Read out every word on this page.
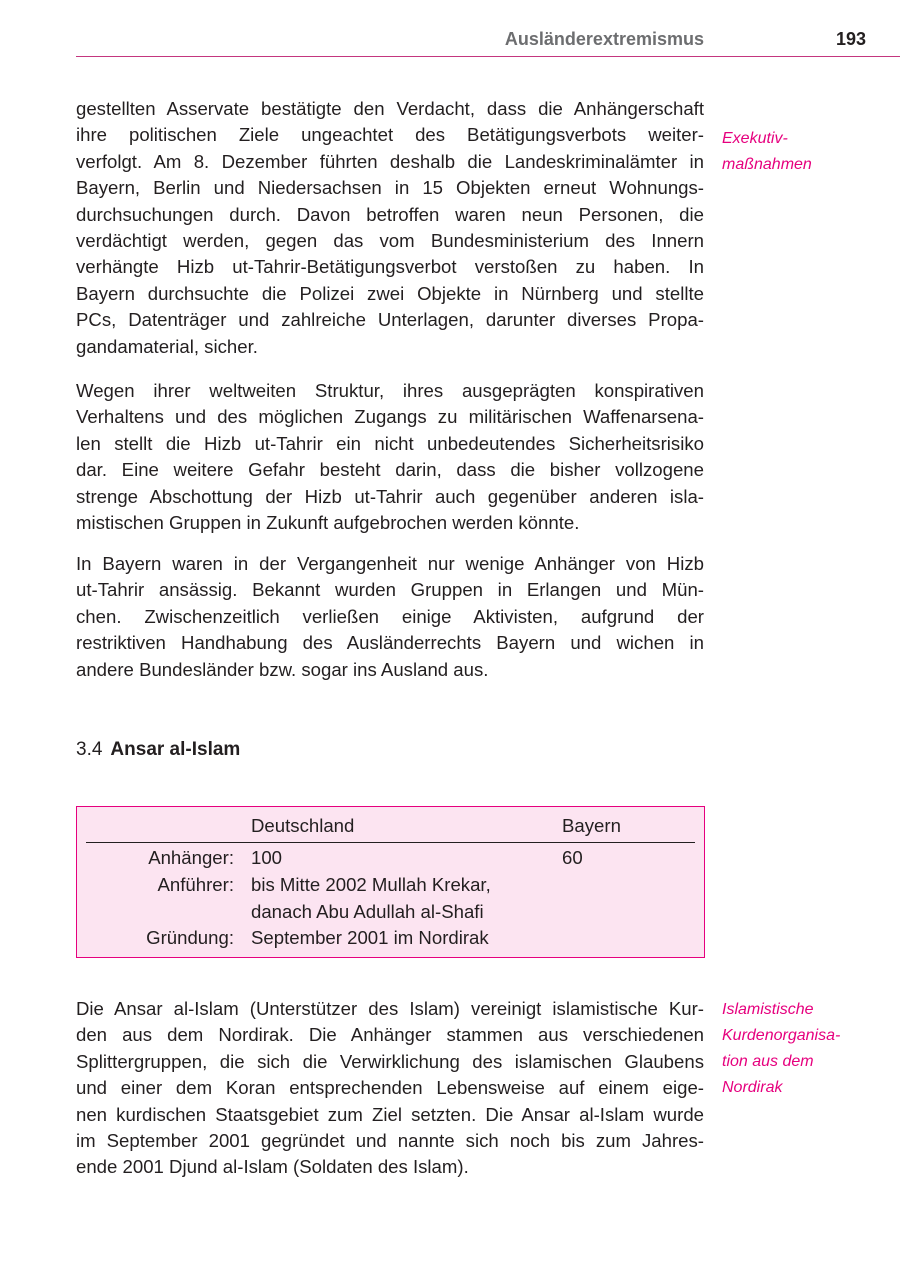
Ausländerextremismus	193
gestellten Asservate bestätigte den Verdacht, dass die Anhängerschaft
ihre politischen Ziele ungeachtet des Betätigungsverbots weiter-
verfolgt. Am 8. Dezember führten deshalb die Landeskriminalämter in
Bayern, Berlin und Niedersachsen in 15 Objekten erneut Wohnungs-
durchsuchungen durch. Davon betroffen waren neun Personen, die
verdächtigt werden, gegen das vom Bundesministerium des Innern
verhängte Hizb ut-Tahrir-Betätigungsverbot verstoßen zu haben. In
Bayern durchsuchte die Polizei zwei Objekte in Nürnberg und stellte
PCs, Datenträger und zahlreiche Unterlagen, darunter diverses Propa-
gandamaterial, sicher.
Wegen ihrer weltweiten Struktur, ihres ausgeprägten konspirativen
Verhaltens und des möglichen Zugangs zu militärischen Waffenarsena-
len stellt die Hizb ut-Tahrir ein nicht unbedeutendes Sicherheitsrisiko
dar. Eine weitere Gefahr besteht darin, dass die bisher vollzogene
strenge Abschottung der Hizb ut-Tahrir auch gegenüber anderen isla-
mistischen Gruppen in Zukunft aufgebrochen werden könnte.
In Bayern waren in der Vergangenheit nur wenige Anhänger von Hizb
ut-Tahrir ansässig. Bekannt wurden Gruppen in Erlangen und Mün-
chen. Zwischenzeitlich verließen einige Aktivisten, aufgrund der
restriktiven Handhabung des Ausländerrechts Bayern und wichen in
andere Bundesländer bzw. sogar ins Ausland aus.
Exekutiv-
maßnahmen
3.4 Ansar al-Islam
Deutschland	Bayern
Anhänger: 100	60
Anführer: bis Mitte 2002 Mullah Krekar,
danach Abu Adullah al-Shafi
Gründung: September 2001 im Nordirak
Die Ansar al-Islam (Unterstützer des Islam) vereinigt islamistische Kur-
den aus dem Nordirak. Die Anhänger stammen aus verschiedenen
Splittergruppen, die sich die Verwirklichung des islamischen Glaubens
und einer dem Koran entsprechenden Lebensweise auf einem eige-
nen kurdischen Staatsgebiet zum Ziel setzten. Die Ansar al-Islam wurde
im September 2001 gegründet und nannte sich noch bis zum Jahres-
ende 2001 Djund al-Islam (Soldaten des Islam).
Islamistische
Kurdenorganisa-
tion aus dem
Nordirak
